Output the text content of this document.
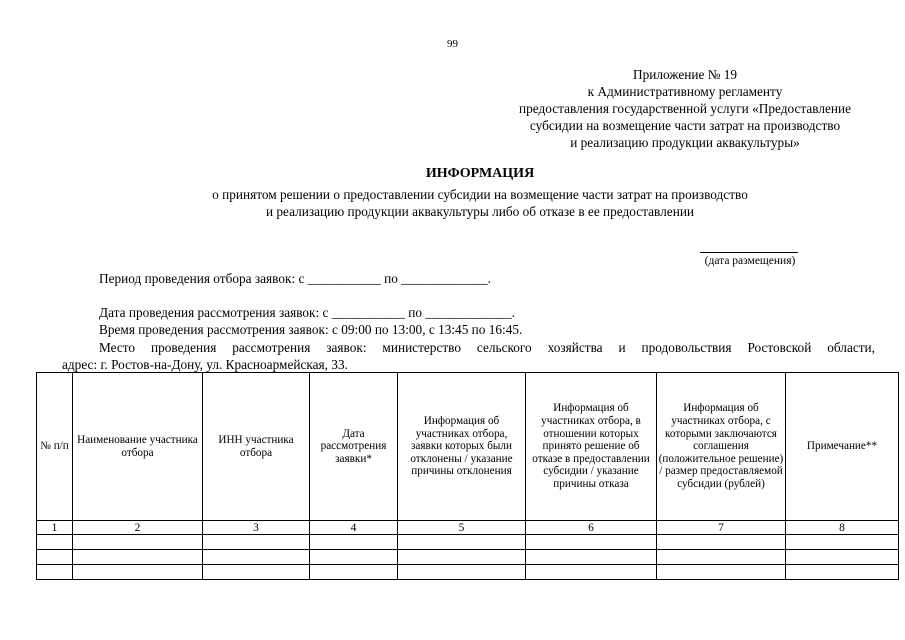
99
Приложение № 19
к Административному регламенту
предоставления государственной услуги «Предоставление
субсидии на возмещение части затрат на производство
и реализацию продукции аквакультуры»
ИНФОРМАЦИЯ
о принятом решении о предоставлении субсидии на возмещение части затрат на производство
и реализацию продукции аквакультуры либо об отказе в ее предоставлении
(дата размещения)
Период проведения отбора заявок: с ___________ по _____________.
Дата проведения рассмотрения заявок: с ___________ по _____________.
Время проведения рассмотрения заявок: с 09:00 по 13:00, с 13:45 по 16:45.
Место проведения рассмотрения заявок: министерство сельского хозяйства и продовольствия Ростовской области,
адрес: г. Ростов-на-Дону, ул. Красноармейская, 33.
№ п/п	Наименование участника отбора	ИНН участника отбора	Дата рассмотрения заявки*	Информация об участниках отбора, заявки которых были отклонены / указание причины отклонения	Информация об участниках отбора, в отношении которых принято решение об отказе в предоставлении субсидии / указание причины отказа	Информация об участниках отбора, с которыми заключаются соглашения (положительное решение) / размер предоставляемой субсидии (рублей)	Примечание**
1	2	3	4	5	6	7	8
